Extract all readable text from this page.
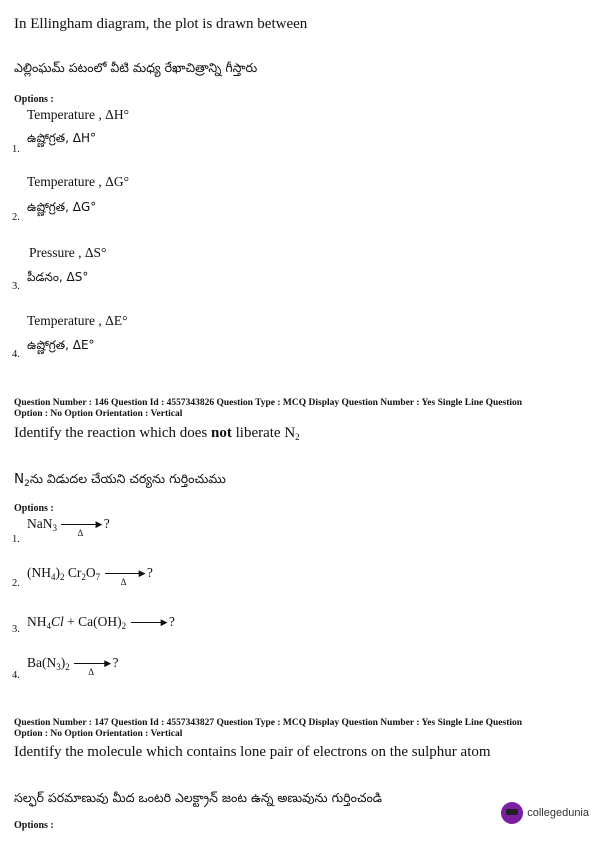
In Ellingham diagram, the plot is drawn between
ఎల్లింఘమ్ పటంలో వీటి మధ్య రేఖాచిత్రాన్ని గీస్తారు
Options :
Temperature , ΔH°
1.
ఉష్ణోగ్రత, ΔH°
Temperature , ΔG°
2.
ఉష్ణోగ్రత, ΔG°
Pressure , ΔS°
3.
పీడనం, ΔS°
Temperature , ΔE°
4.
ఉష్ణోగ్రత, ΔE°
Question Number : 146 Question Id : 4557343826 Question Type : MCQ Display Question Number : Yes Single Line Question
Option : No Option Orientation : Vertical
Identify the reaction which does not liberate $N_2$
$N_2ను$ విడుదల చేయని చర్యను గుర్తించుము
Options :
1.
NaN$_3$	▶
Δ
?
2.
$(NH_4)_2$ $Cr_2O_7$	▶
Δ
?
3.
$NH_4Cl + Ca(OH)_2$	▶ ?
4.
$Ba(N_3)_2$	▶
Δ
?
Question Number : 147 Question Id : 4557343827 Question Type : MCQ Display Question Number : Yes Single Line Question
Option : No Option Orientation : Vertical
Identify the molecule which contains lone pair of electrons on the sulphur atom
సల్ఫర్ పరమాణువు మీద ఒంటరి ఎలక్ట్రాన్ జంట ఉన్న అణువును గుర్తించండి
Options :
collegedunia
